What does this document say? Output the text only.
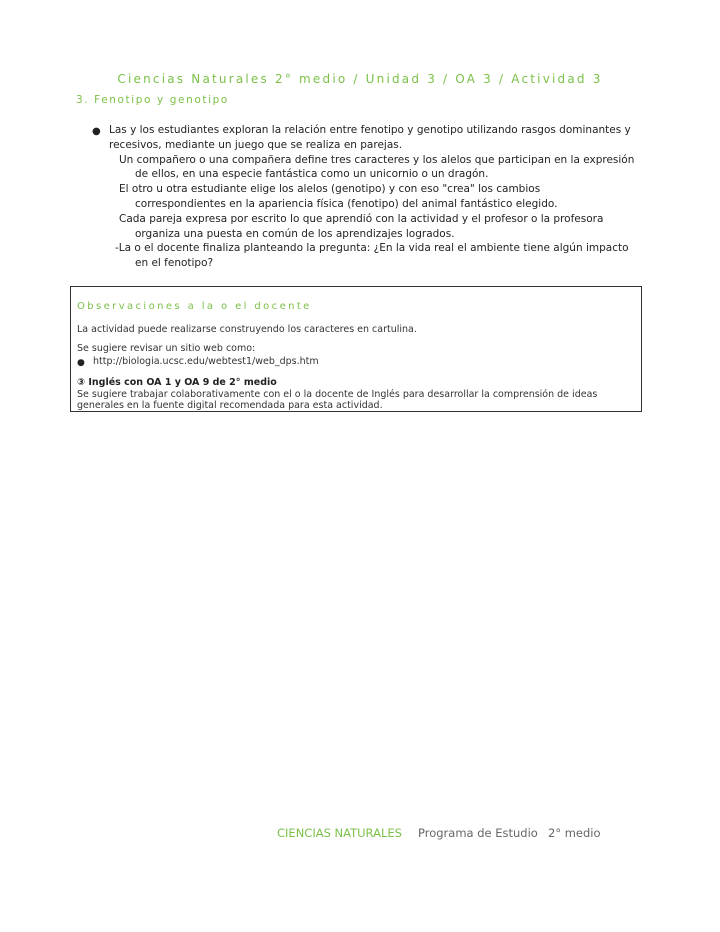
Ciencias Naturales 2° medio / Unidad 3 / OA 3 / Actividad 3
3. Fenotipo y genotipo
● Las y los estudiantes exploran la relación entre fenotipo y genotipo utilizando rasgos dominantes y
recesivos, mediante un juego que se realiza en parejas.
Un compañero o una compañera define tres caracteres y los alelos que participan en la expresión
de ellos, en una especie fantástica como un unicornio o un dragón.
El otro u otra estudiante elige los alelos (genotipo) y con eso "crea" los cambios
correspondientes en la apariencia física (fenotipo) del animal fantástico elegido.
Cada pareja expresa por escrito lo que aprendió con la actividad y el profesor o la profesora
organiza una puesta en común de los aprendizajes logrados.
-La o el docente finaliza planteando la pregunta: ¿En la vida real el ambiente tiene algún impacto
en el fenotipo?
Observaciones a la o el docente
La actividad puede realizarse construyendo los caracteres en cartulina.
Se sugiere revisar un sitio web como:
● http://biologia.ucsc.edu/webtest1/web_dps.htm
③ Inglés con OA 1 y OA 9 de 2° medio
Se sugiere trabajar colaborativamente con el o la docente de Inglés para desarrollar la comprensión de ideas
generales en la fuente digital recomendada para esta actividad.
CIENCIAS NATURALES Programa de Estudio 2° medio
